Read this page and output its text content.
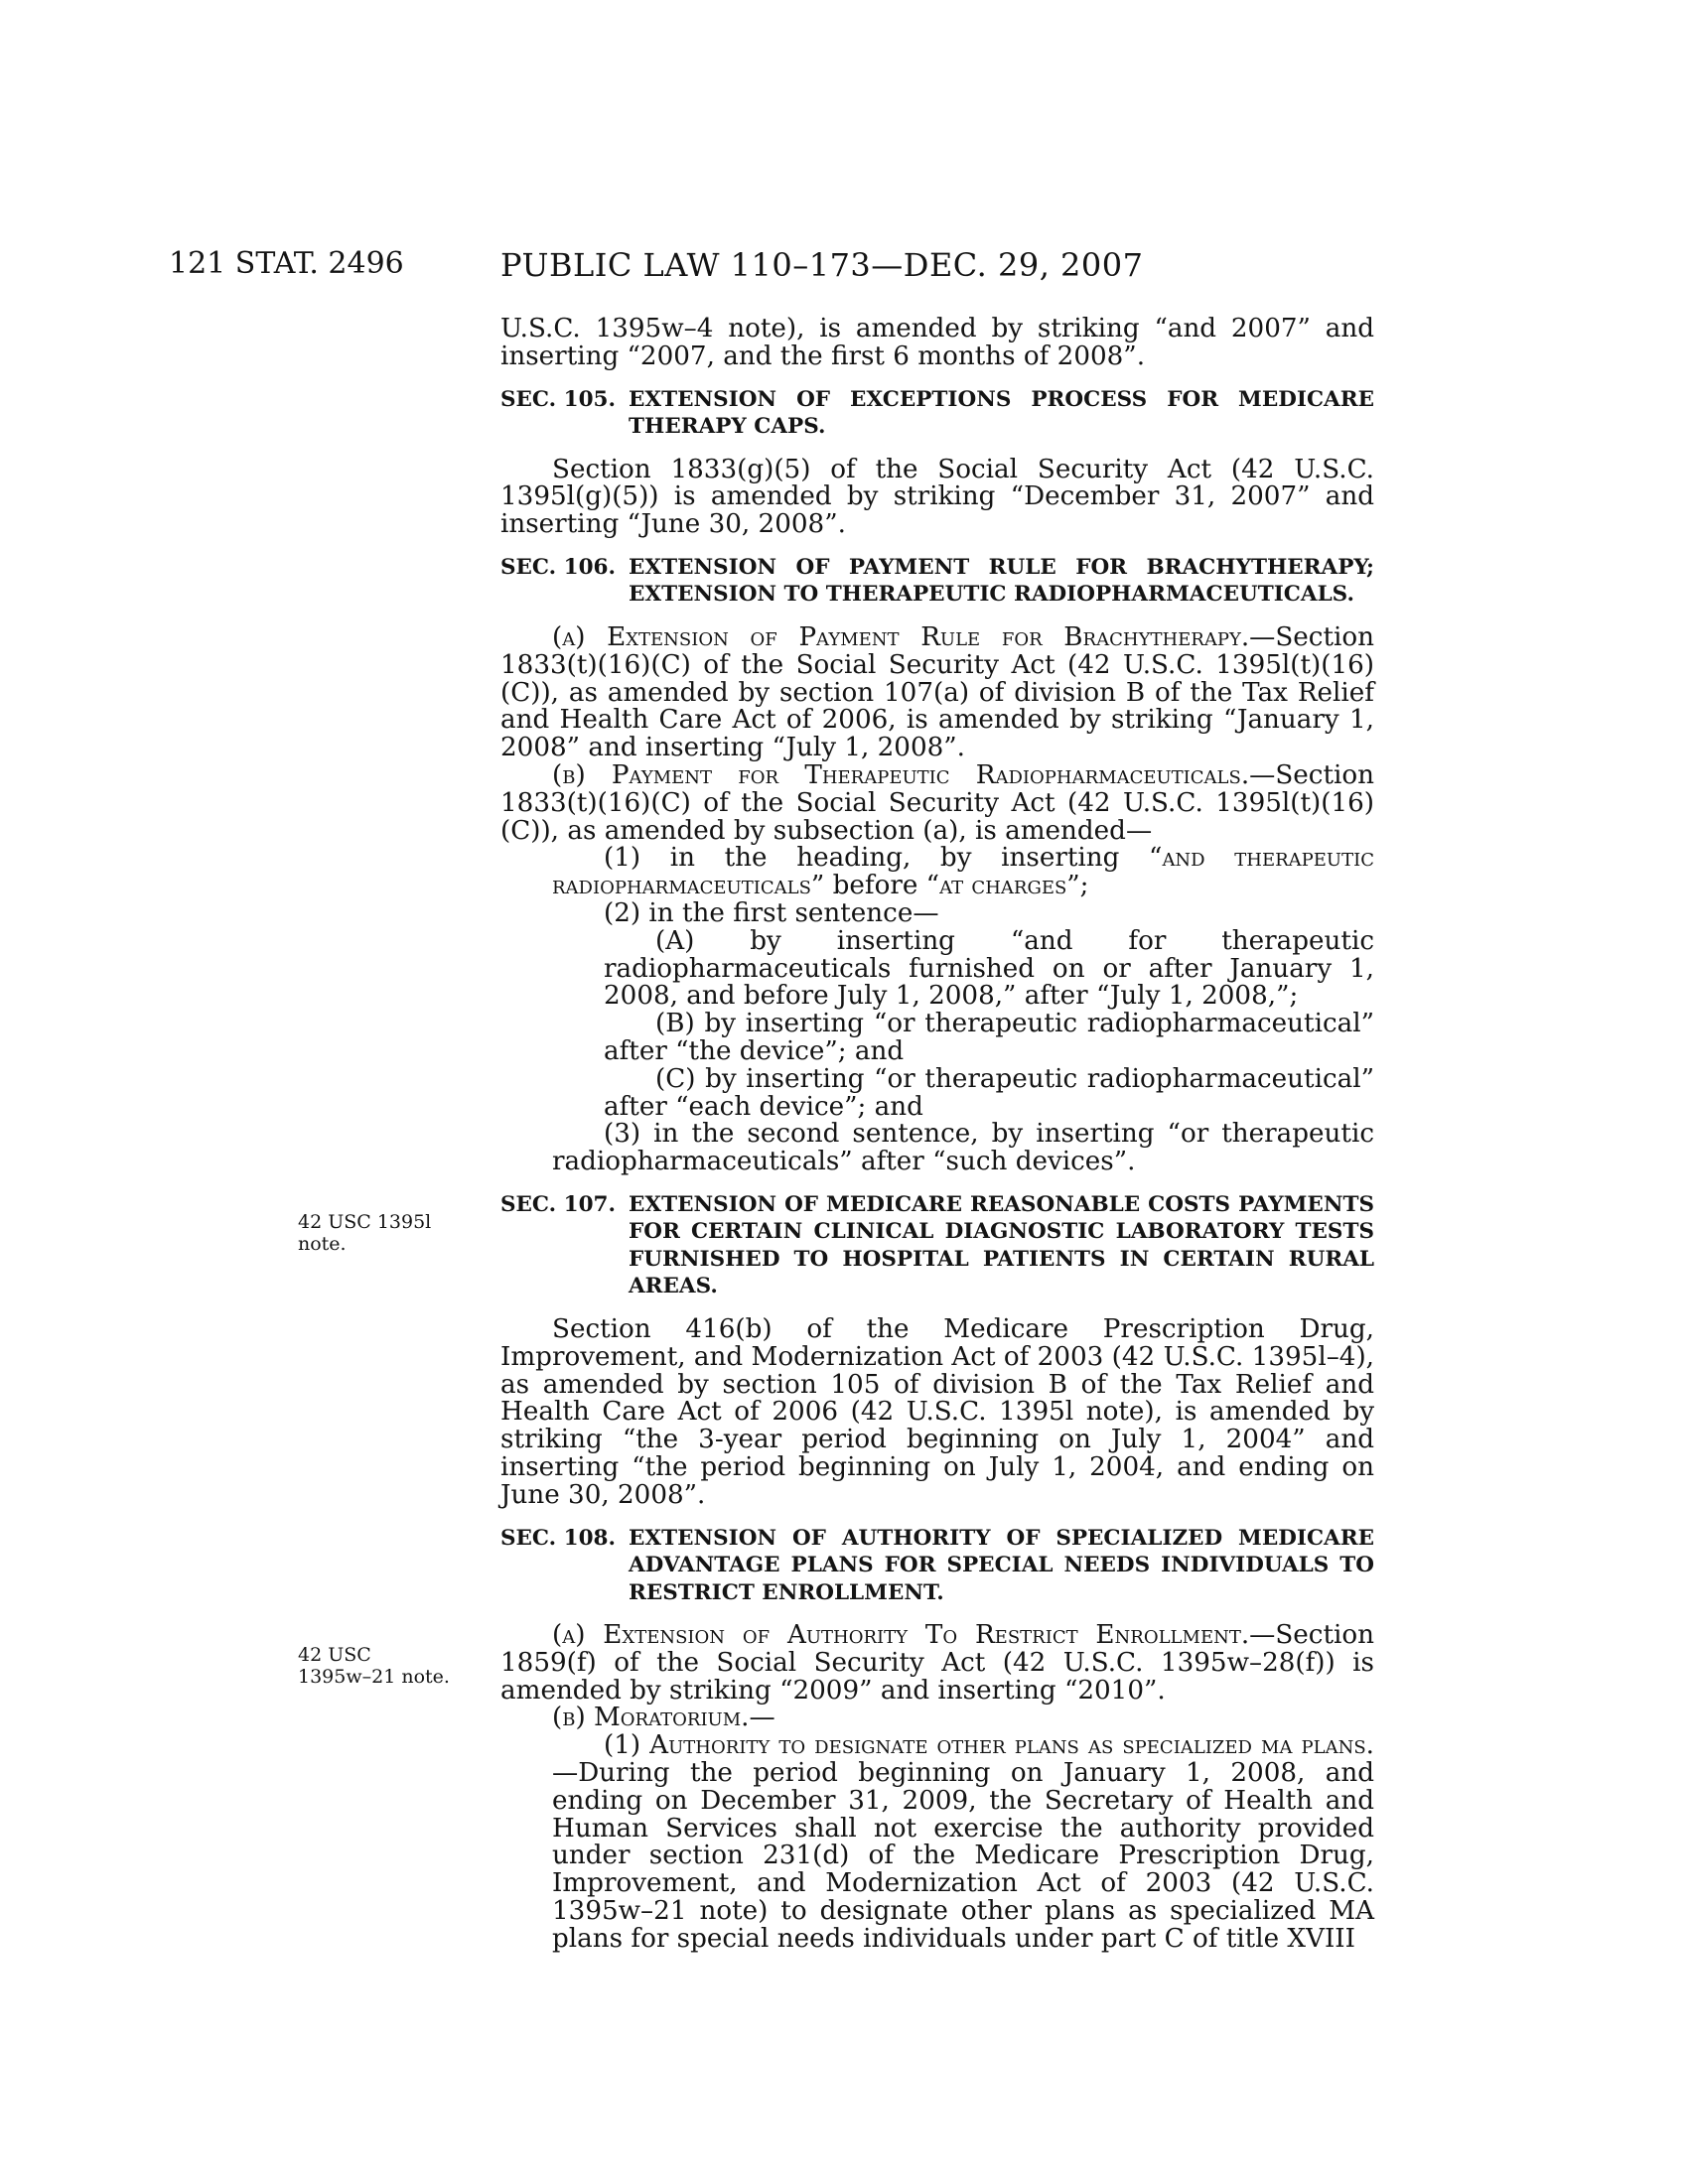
121 STAT. 2496	PUBLIC LAW 110–173—DEC. 29, 2007
42 USC 1395l
note.
42 USC
1395w–21 note.

U.S.C. 1395w–4 note), is amended by striking “and 2007” and inserting “2007, and the first 6 months of 2008”.

SEC. 105. EXTENSION OF EXCEPTIONS PROCESS FOR MEDICARE THERAPY CAPS.

Section 1833(g)(5) of the Social Security Act (42 U.S.C. 1395l(g)(5)) is amended by striking “December 31, 2007” and inserting “June 30, 2008”.

SEC. 106. EXTENSION OF PAYMENT RULE FOR BRACHYTHERAPY; EXTENSION TO THERAPEUTIC RADIOPHARMACEUTICALS.

(a) Extension of Payment Rule for Brachytherapy.—Section 1833(t)(16)(C) of the Social Security Act (42 U.S.C. 1395l(t)(16)(C)), as amended by section 107(a) of division B of the Tax Relief and Health Care Act of 2006, is amended by striking “January 1, 2008” and inserting “July 1, 2008”.

(b) Payment for Therapeutic Radiopharmaceuticals.—Section 1833(t)(16)(C) of the Social Security Act (42 U.S.C. 1395l(t)(16)(C)), as amended by subsection (a), is amended—

(1) in the heading, by inserting “and therapeutic radiopharmaceuticals” before “at charges”;

(2) in the first sentence—

(A) by inserting “and for therapeutic radiopharmaceuticals furnished on or after January 1, 2008, and before July 1, 2008,” after “July 1, 2008,”;

(B) by inserting “or therapeutic radiopharmaceutical” after “the device”; and

(C) by inserting “or therapeutic radiopharmaceutical” after “each device”; and

(3) in the second sentence, by inserting “or therapeutic radiopharmaceuticals” after “such devices”.

SEC. 107. EXTENSION OF MEDICARE REASONABLE COSTS PAYMENTS FOR CERTAIN CLINICAL DIAGNOSTIC LABORATORY TESTS FURNISHED TO HOSPITAL PATIENTS IN CERTAIN RURAL AREAS.

Section 416(b) of the Medicare Prescription Drug, Improvement, and Modernization Act of 2003 (42 U.S.C. 1395l–4), as amended by section 105 of division B of the Tax Relief and Health Care Act of 2006 (42 U.S.C. 1395l note), is amended by striking “the 3-year period beginning on July 1, 2004” and inserting “the period beginning on July 1, 2004, and ending on June 30, 2008”.

SEC. 108. EXTENSION OF AUTHORITY OF SPECIALIZED MEDICARE ADVANTAGE PLANS FOR SPECIAL NEEDS INDIVIDUALS TO RESTRICT ENROLLMENT.

(a) Extension of Authority To Restrict Enrollment.—Section 1859(f) of the Social Security Act (42 U.S.C. 1395w–28(f)) is amended by striking “2009” and inserting “2010”.

(b) Moratorium.—

(1) Authority to designate other plans as specialized ma plans.—During the period beginning on January 1, 2008, and ending on December 31, 2009, the Secretary of Health and Human Services shall not exercise the authority provided under section 231(d) of the Medicare Prescription Drug, Improvement, and Modernization Act of 2003 (42 U.S.C. 1395w–21 note) to designate other plans as specialized MA plans for special needs individuals under part C of title XVIII
